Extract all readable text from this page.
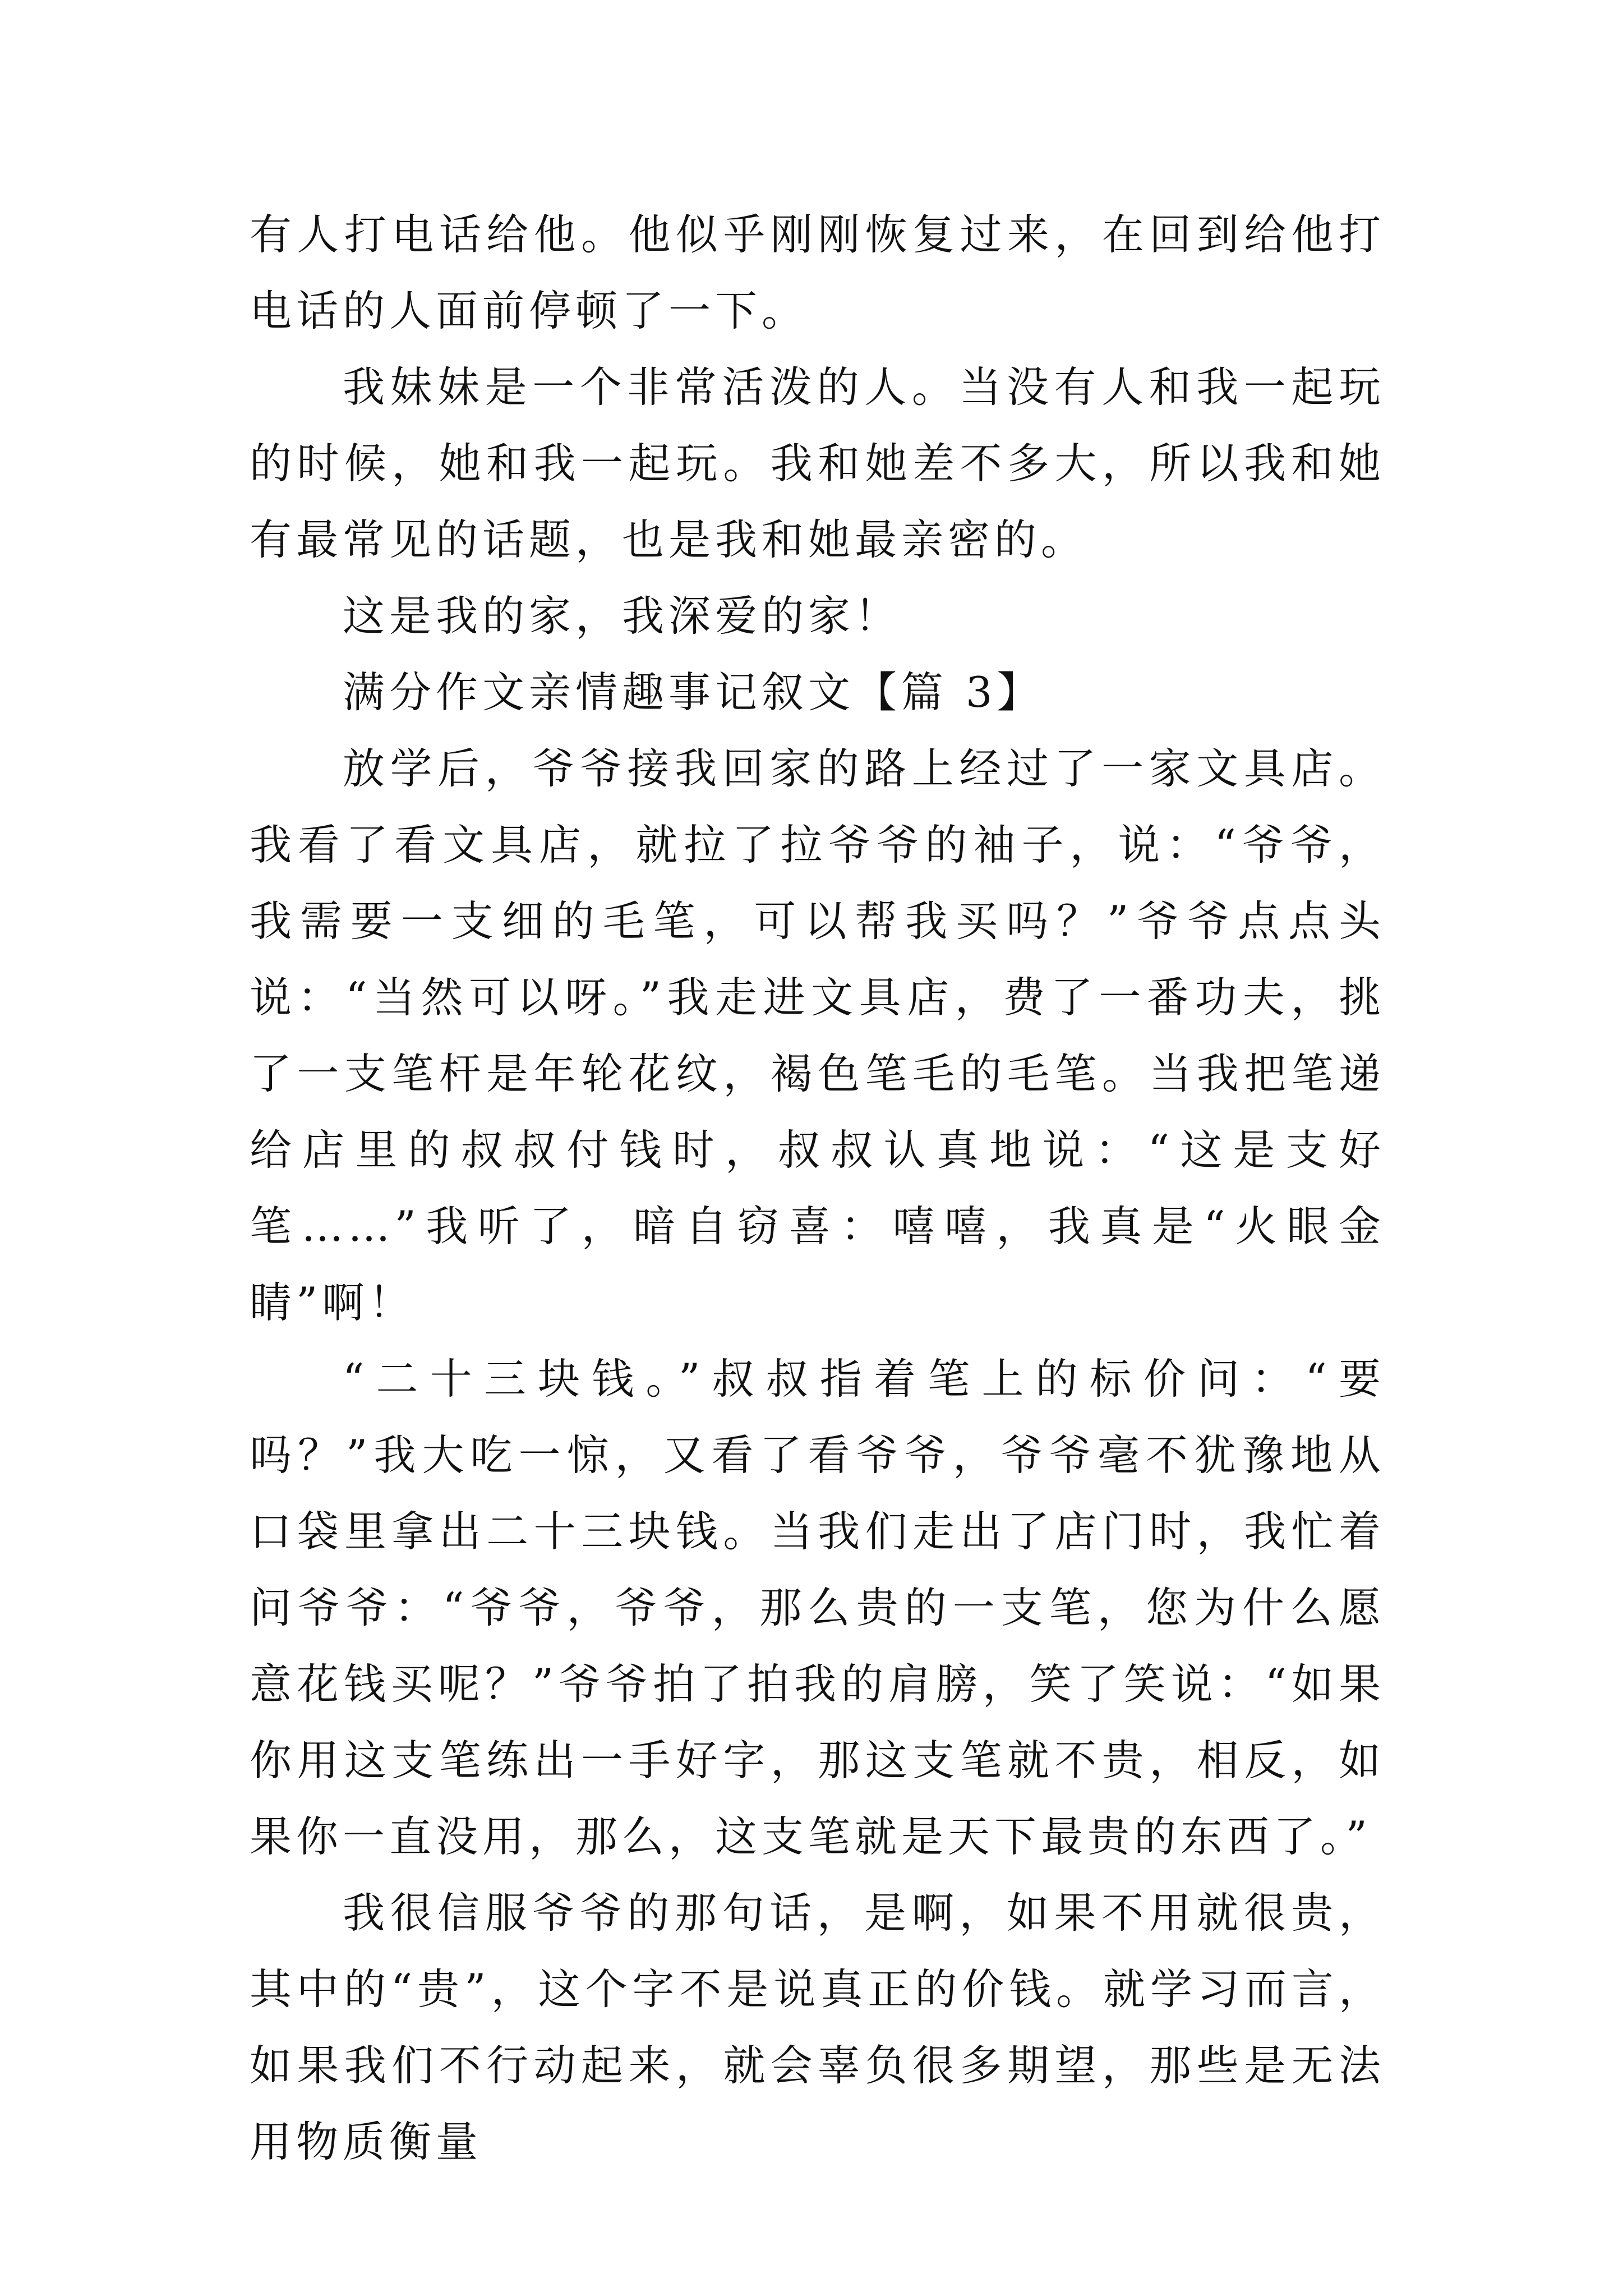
有人打电话给他。他似乎刚刚恢复过来，在回到给他打电话的人面前停顿了一下。

我妹妹是一个非常活泼的人。当没有人和我一起玩的时候，她和我一起玩。我和她差不多大，所以我和她有最常见的话题，也是我和她最亲密的。

这是我的家，我深爱的家！

满分作文亲情趣事记叙文【篇 3】

放学后，爷爷接我回家的路上经过了一家文具店。我看了看文具店，就拉了拉爷爷的袖子，说：“爷爷，我需要一支细的毛笔，可以帮我买吗？”爷爷点点头说：“当然可以呀。”我走进文具店，费了一番功夫，挑了一支笔杆是年轮花纹，褐色笔毛的毛笔。当我把笔递给店里的叔叔付钱时，叔叔认真地说：“这是支好笔……”我听了，暗自窃喜：嘻嘻，我真是“火眼金睛”啊！

“二十三块钱。”叔叔指着笔上的标价问：“要吗？”我大吃一惊，又看了看爷爷，爷爷毫不犹豫地从口袋里拿出二十三块钱。当我们走出了店门时，我忙着问爷爷：“爷爷，爷爷，那么贵的一支笔，您为什么愿意花钱买呢？”爷爷拍了拍我的肩膀，笑了笑说：“如果你用这支笔练出一手好字，那这支笔就不贵，相反，如果你一直没用，那么，这支笔就是天下最贵的东西了。”

我很信服爷爷的那句话，是啊，如果不用就很贵，其中的“贵”，这个字不是说真正的价钱。就学习而言，如果我们不行动起来，就会辜负很多期望，那些是无法用物质衡量
